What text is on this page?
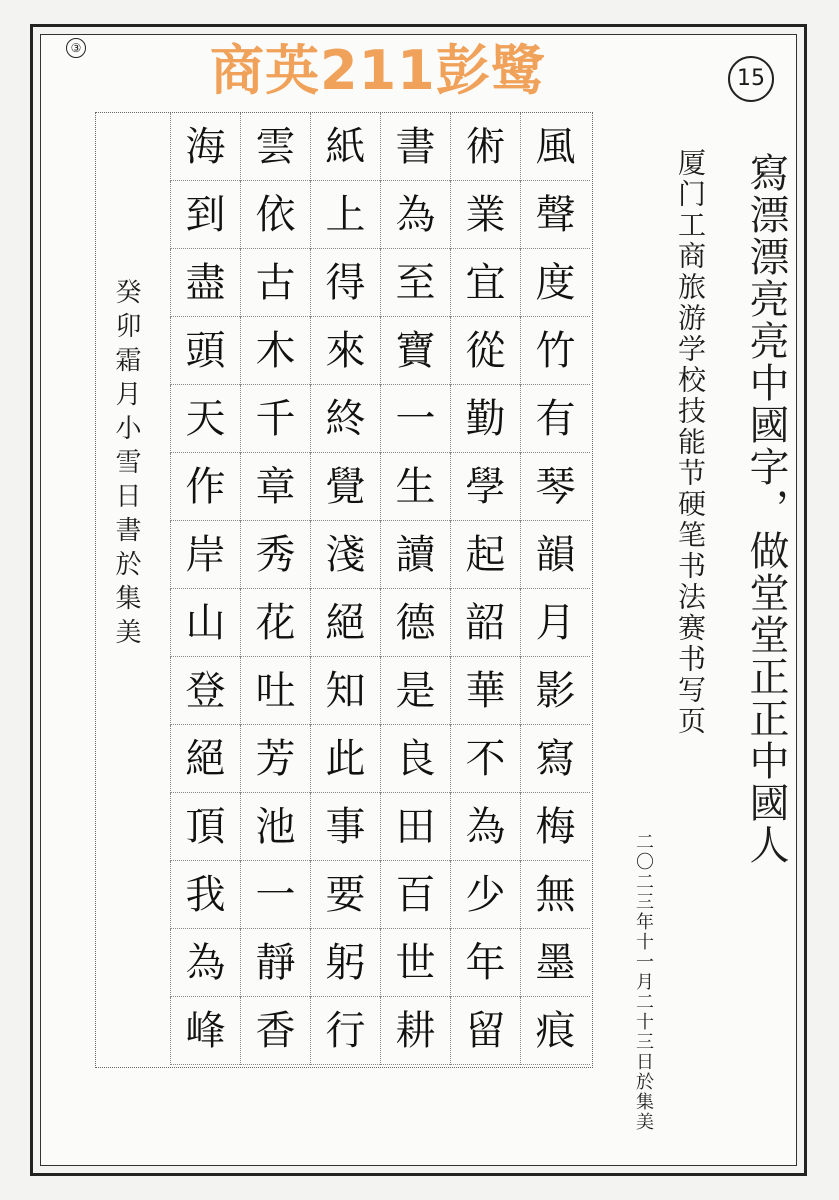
③
15
商英211彭鹭
寫漂漂亮亮中國字，做堂堂正正中國人
厦门工商旅游学校技能节硬笔书法赛书写页
二〇二三年十一月二十三日於集美
癸卯霜月小雪日書於集美
風
聲
度
竹
有
琴
韻
月
影
寫
梅
無
墨
痕
術
業
宜
從
勤
學
起
韶
華
不
為
少
年
留
書
為
至
寶
一
生
讀
德
是
良
田
百
世
耕
紙
上
得
來
終
覺
淺
絕
知
此
事
要
躬
行
雲
依
古
木
千
章
秀
花
吐
芳
池
一
靜
香
海
到
盡
頭
天
作
岸
山
登
絕
頂
我
為
峰
